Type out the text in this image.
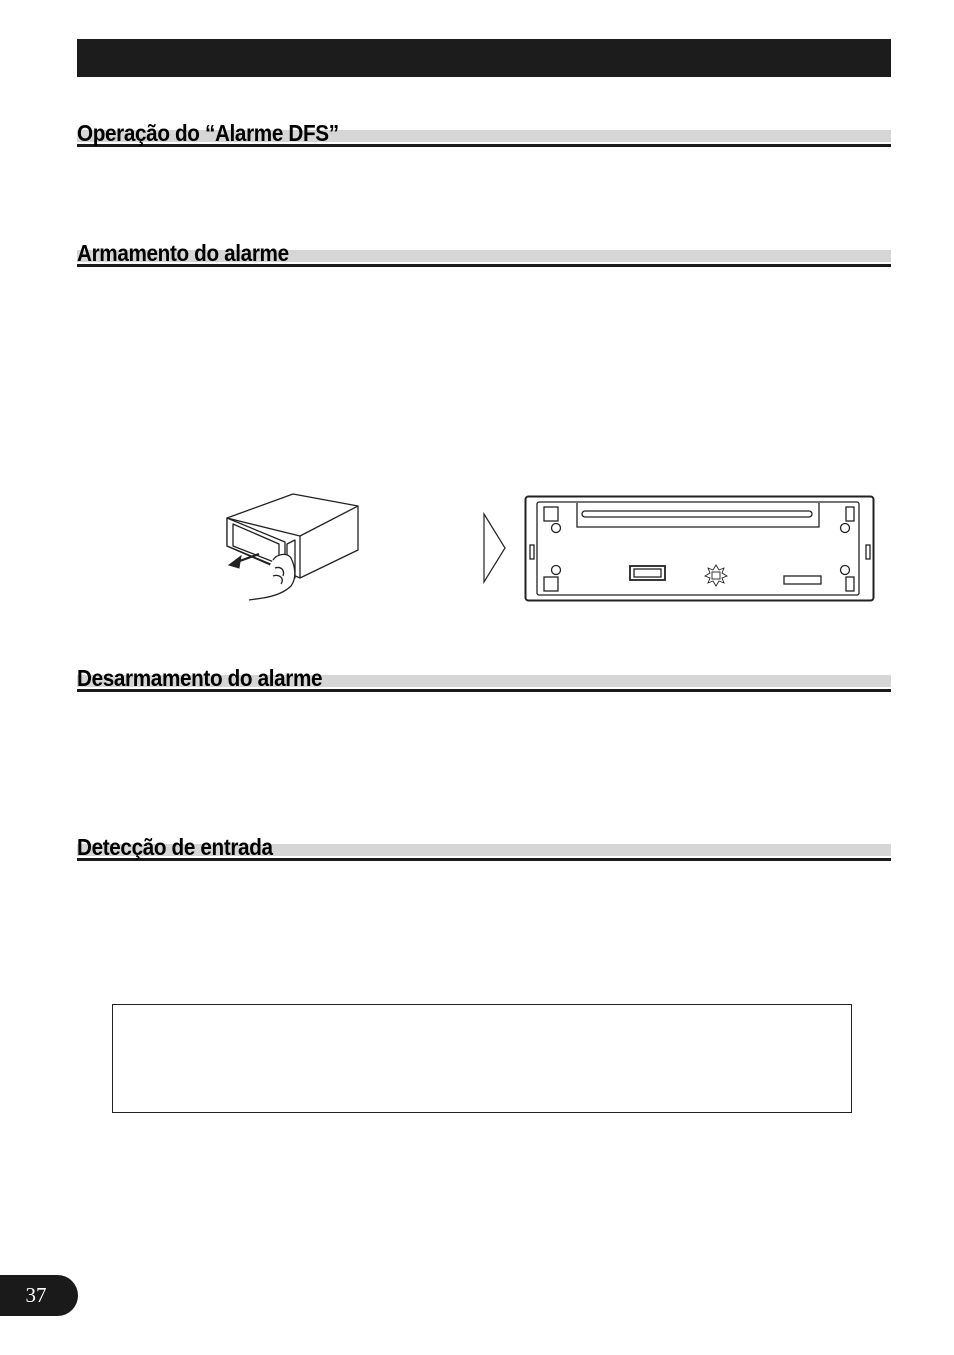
Operação do “Alarme DFS”
Armamento do alarme
Desarmamento do alarme
Detecção de entrada
37
